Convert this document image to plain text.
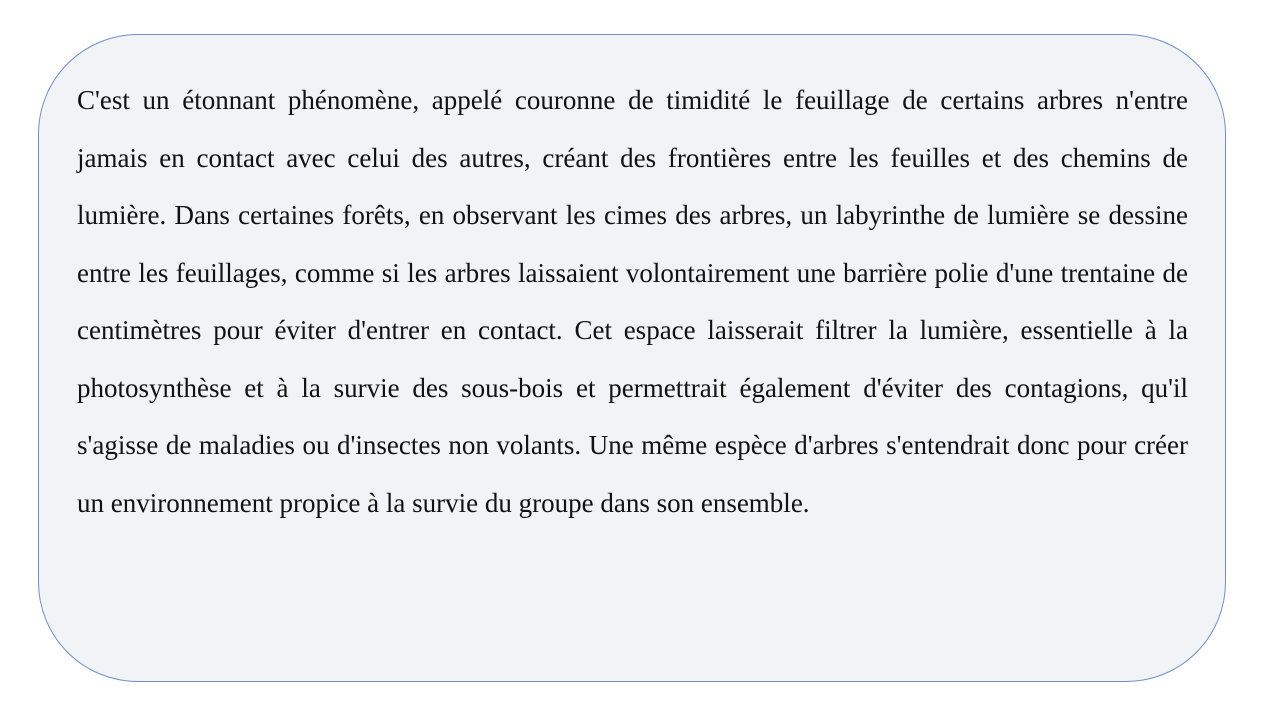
C'est un étonnant phénomène, appelé couronne de timidité le feuillage de certains arbres n'entre jamais en contact avec celui des autres, créant des frontières entre les feuilles et des chemins de lumière. Dans certaines forêts, en observant les cimes des arbres, un labyrinthe de lumière se dessine entre les feuillages, comme si les arbres laissaient volontairement une barrière polie d'une trentaine de centimètres pour éviter d'entrer en contact. Cet espace laisserait filtrer la lumière, essentielle à la photosynthèse et à la survie des sous-bois et permettrait également d'éviter des contagions, qu'il s'agisse de maladies ou d'insectes non volants. Une même espèce d'arbres s'entendrait donc pour créer un environnement propice à la survie du groupe dans son ensemble.
